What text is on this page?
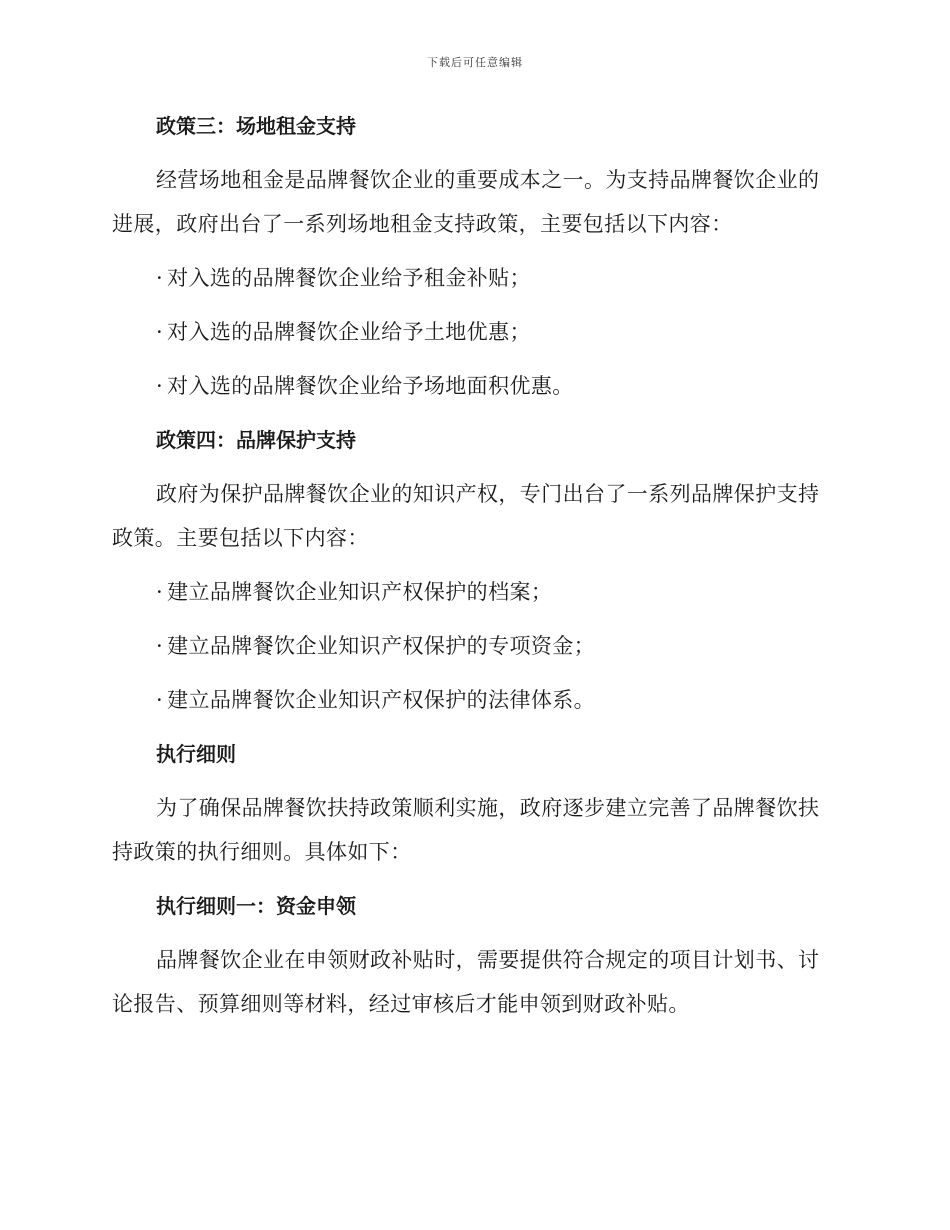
下载后可任意编辑
政策三：场地租金支持

经营场地租金是品牌餐饮企业的重要成本之一。为支持品牌餐饮企业的进展，政府出台了一系列场地租金支持政策，主要包括以下内容：

· 对入选的品牌餐饮企业给予租金补贴；
· 对入选的品牌餐饮企业给予土地优惠；
· 对入选的品牌餐饮企业给予场地面积优惠。
政策四：品牌保护支持

政府为保护品牌餐饮企业的知识产权，专门出台了一系列品牌保护支持政策。主要包括以下内容：

· 建立品牌餐饮企业知识产权保护的档案；
· 建立品牌餐饮企业知识产权保护的专项资金；
· 建立品牌餐饮企业知识产权保护的法律体系。
执行细则

为了确保品牌餐饮扶持政策顺利实施，政府逐步建立完善了品牌餐饮扶持政策的执行细则。具体如下：

执行细则一：资金申领

品牌餐饮企业在申领财政补贴时，需要提供符合规定的项目计划书、讨论报告、预算细则等材料，经过审核后才能申领到财政补贴。
